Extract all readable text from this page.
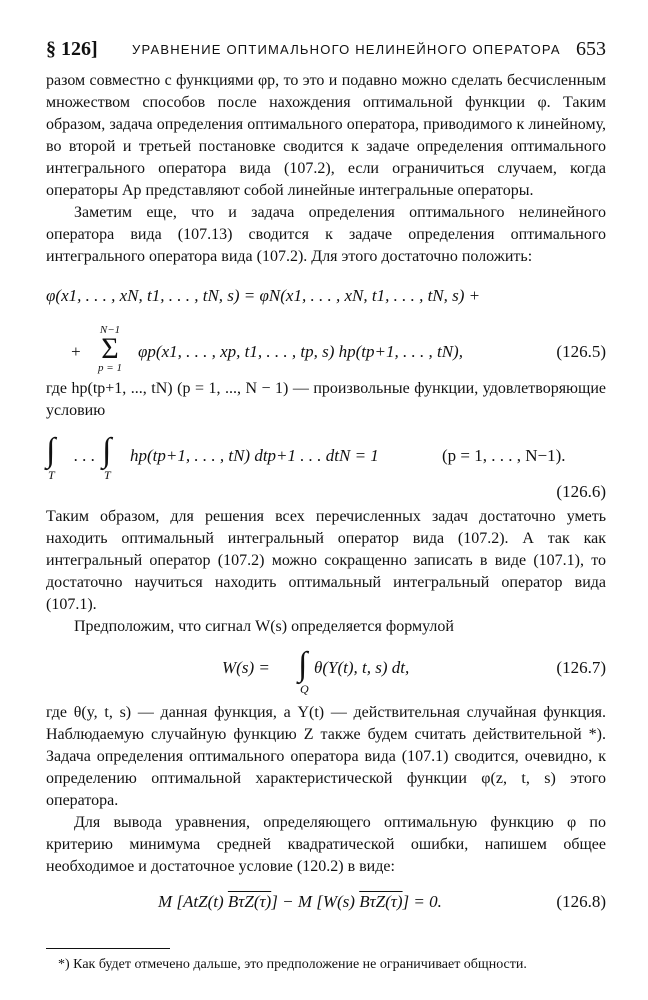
§ 126]	УРАВНЕНИЕ ОПТИМАЛЬНОГО НЕЛИНЕЙНОГО ОПЕРАТОРА 653

разом совместно с функциями φp, то это и подавно можно сделать бесчисленным множеством способов после нахождения оптимальной функции φ. Таким образом, задача определения оптимального оператора, приводимого к линейному, во второй и третьей постановке сводится к задаче определения оптимального интегрального оператора вида (107.2), если ограничиться случаем, когда операторы Ap представляют собой линейные интегральные операторы.

Заметим еще, что и задача определения оптимального нелинейного оператора вида (107.13) сводится к задаче определения оптимального интегрального оператора вида (107.2). Для этого достаточно положить:

φ(x1, . . . , xN, t1, . . . , tN, s) = φN(x1, . . . , xN, t1, . . . , tN, s) +
+
N−1
Σ
p = 1
φp(x1, . . . , xp, t1, . . . , tp, s) hp(tp+1, . . . , tN),	(126.5)

где hp(tp+1, ..., tN) (p = 1, ..., N − 1) — произвольные функции, удовлетворяющие условию

∫
T
. . . ∫
T
hp(tp+1, . . . , tN) dtp+1 . . . dtN = 1	(p = 1, . . . , N−1).
(126.6)

Таким образом, для решения всех перечисленных задач достаточно уметь находить оптимальный интегральный оператор вида (107.2). А так как интегральный оператор (107.2) можно сокращенно записать в виде (107.1), то достаточно научиться находить оптимальный интегральный оператор вида (107.1).

Предположим, что сигнал W(s) определяется формулой

W(s) = ∫
Q
θ(Y(t), t, s) dt,	(126.7)

где θ(y, t, s) — данная функция, а Y(t) — действительная случайная функция. Наблюдаемую случайную функцию Z также будем считать действительной *). Задача определения оптимального оператора вида (107.1) сводится, очевидно, к определению оптимальной характеристической функции φ(z, t, s) этого оператора.

Для вывода уравнения, определяющего оптимальную функцию φ по критерию минимума средней квадратической ошибки, напишем общее необходимое и достаточное условие (120.2) в виде:

M [AtZ(t) BτZ(τ)] − M [W(s) BτZ(τ)] = 0.	(126.8)

*) Как будет отмечено дальше, это предположение не ограничивает общности.
